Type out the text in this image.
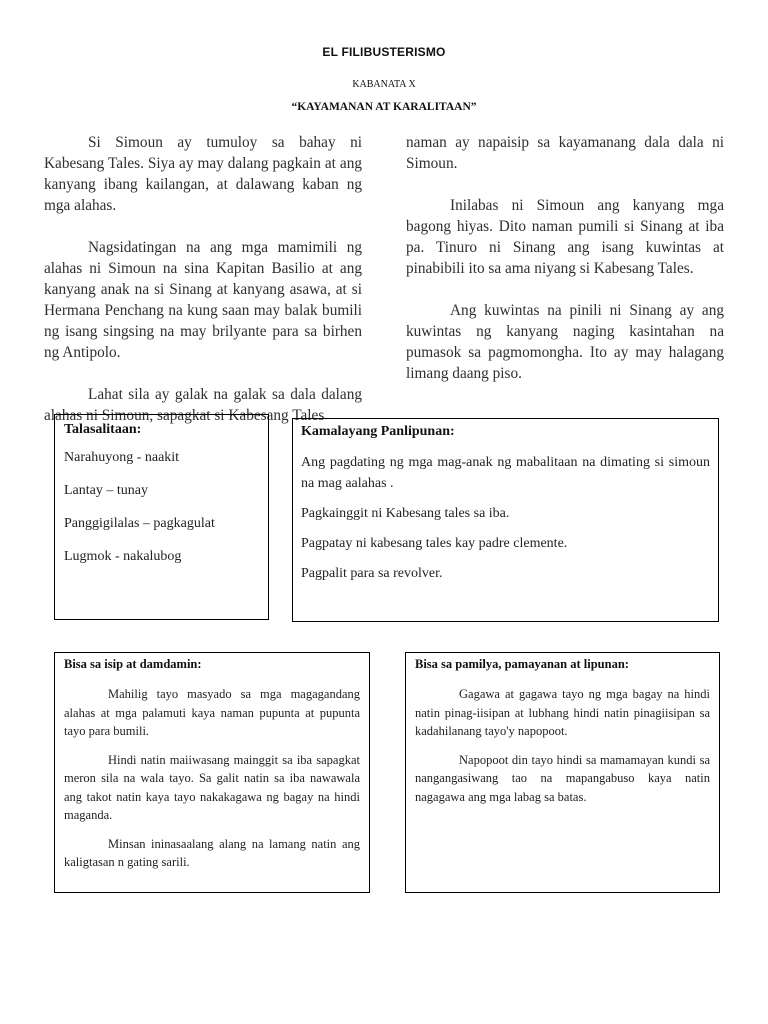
EL FILIBUSTERISMO
KABANATA X
“KAYAMANAN AT KARALITAAN”

Si Simoun ay tumuloy sa bahay ni Kabesang Tales. Siya ay may dalang pagkain at ang kanyang ibang kailangan, at dalawang kaban ng mga alahas.

Nagsidatingan na ang mga mamimili ng alahas ni Simoun na sina Kapitan Basilio at ang kanyang anak na si Sinang at kanyang asawa, at si Hermana Penchang na kung saan may balak bumili ng isang singsing na may brilyante para sa birhen ng Antipolo.

Lahat sila ay galak na galak sa dala dalang alahas ni Simoun, sapagkat si Kabesang Tales

naman ay napaisip sa kayamanang dala dala ni Simoun.

Inilabas ni Simoun ang kanyang mga bagong hiyas. Dito naman pumili si Sinang at iba pa. Tinuro ni Sinang ang isang kuwintas at pinabibili ito sa ama niyang si Kabesang Tales.

Ang kuwintas na pinili ni Sinang ay ang kuwintas ng kanyang naging kasintahan na pumasok sa pagmomongha. Ito ay may halagang limang daang piso.

Talasalitaan:
Narahuyong - naakit
Lantay – tunay
Panggigilalas – pagkagulat
Lugmok - nakalubog
Kamalayang Panlipunan:
Ang pagdating ng mga mag-anak ng mabalitaan na dimating si simoun na mag aalahas .
Pagkainggit ni Kabesang tales sa iba.
Pagpatay ni kabesang tales kay padre clemente.
Pagpalit para sa revolver.
Bisa sa isip at damdamin:

Mahilig tayo masyado sa mga magagandang alahas at mga palamuti kaya naman pupunta at pupunta tayo para bumili.

Hindi natin maiiwasang mainggit sa iba sapagkat meron sila na wala tayo. Sa galit natin sa iba nawawala ang takot natin kaya tayo nakakagawa ng bagay na hindi maganda.

Minsan ininasaalang alang na lamang natin ang kaligtasan n gating sarili.

Bisa sa pamilya, pamayanan at lipunan:

Gagawa at gagawa tayo ng mga bagay na hindi natin pinag-iisipan at lubhang hindi natin pinagiisipan sa kadahilanang tayo'y napopoot.

Napopoot din tayo hindi sa mamamayan kundi sa nangangasiwang tao na mapangabuso kaya natin nagagawa ang mga labag sa batas.
